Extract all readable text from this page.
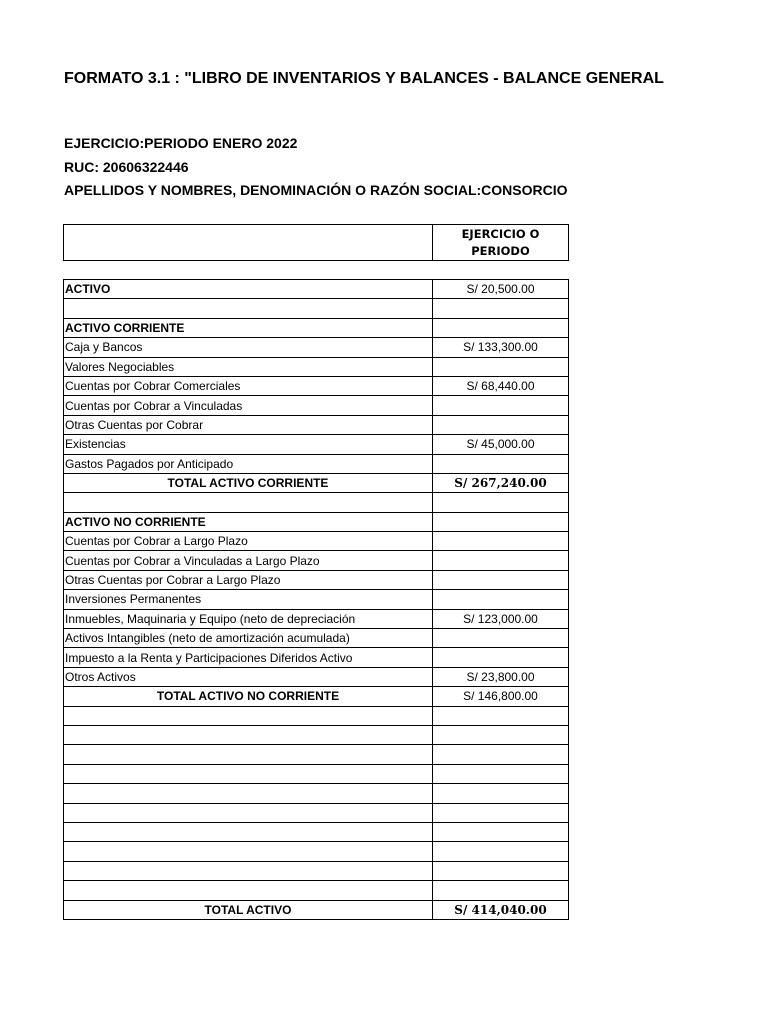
FORMATO 3.1 : "LIBRO DE INVENTARIOS Y BALANCES - BALANCE GENERAL
EJERCICIO:PERIODO ENERO 2022
RUC: 20606322446
APELLIDOS Y NOMBRES, DENOMINACIÓN O RAZÓN SOCIAL:CONSORCIO
	EJERCICIO O PERIODO
ACTIVO	S/ 20,500.00

ACTIVO CORRIENTE	
Caja y Bancos	S/ 133,300.00
Valores Negociables	
Cuentas por Cobrar Comerciales	S/ 68,440.00
Cuentas por Cobrar a Vinculadas	
Otras Cuentas por Cobrar	
Existencias	S/ 45,000.00
Gastos Pagados por Anticipado	
TOTAL ACTIVO CORRIENTE	S/ 267,240.00

ACTIVO NO CORRIENTE	
Cuentas por Cobrar a Largo Plazo	
Cuentas por Cobrar a Vinculadas a Largo Plazo	
Otras Cuentas por Cobrar a Largo Plazo	
Inversiones Permanentes	
Inmuebles, Maquinaria y Equipo (neto de depreciación	S/ 123,000.00
Activos Intangibles (neto de amortización acumulada)	
Impuesto a la Renta y Participaciones Diferidos Activo	
Otros Activos	S/ 23,800.00
TOTAL ACTIVO NO CORRIENTE	S/ 146,800.00

TOTAL ACTIVO	S/ 414,040.00
